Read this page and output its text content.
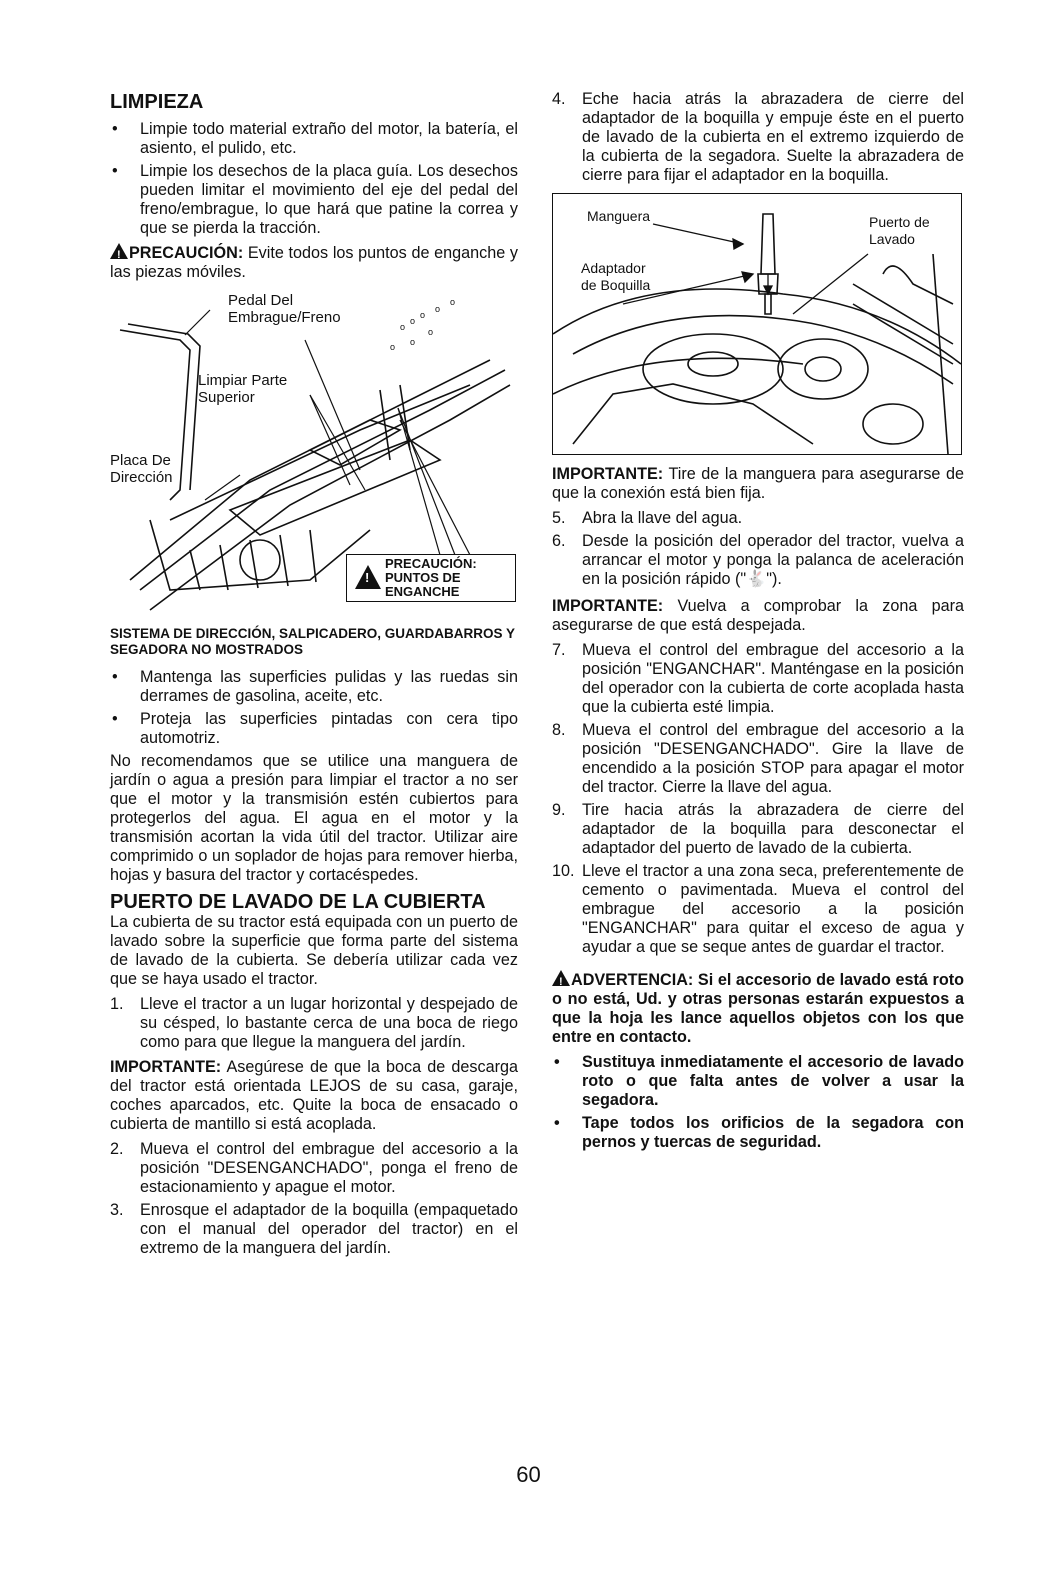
LIMPIEZA
• Limpie todo material extraño del motor, la batería, el asiento, el pulido, etc.
• Limpie los desechos de la placa guía. Los desechos pueden limitar el movimiento del eje del pedal del freno/embrague, lo que hará que patine la correa y que se pierda la tracción.

! PRECAUCIÓN: Evite todos los puntos de enganche y las piezas móviles.

o
o
o
o
o
o o
o
Pedal Del Embrague/Freno
Limpiar Parte Superior
Placa De Dirección
!
PRECAUCIÓN: PUNTOS DE ENGANCHE
SISTEMA DE DIRECCIÓN, SALPICADERO, GUARDABARROS Y SEGADORA NO MOSTRADOS
• Mantenga las superficies pulidas y las ruedas sin derrames de gasolina, aceite, etc.
• Proteja las superficies pintadas con cera tipo automotriz.

No recomendamos que se utilice una manguera de jardín o agua a presión para limpiar el tractor a no ser que el motor y la transmisión estén cubiertos para protegerlos del agua. El agua en el motor y la transmisión acortan la vida útil del tractor. Utilizar aire comprimido o un soplador de hojas para remover hierba, hojas y basura del tractor y cortacéspedes.

PUERTO DE LAVADO DE LA CUBIERTA

La cubierta de su tractor está equipada con un puerto de lavado sobre la superficie que forma parte del sistema de lavado de la cubierta. Se debería utilizar cada vez que se haya usado el tractor.

1. Lleve el tractor a un lugar horizontal y despejado de su césped, lo bastante cerca de una boca de riego como para que llegue la manguera del jardín.

IMPORTANTE: Asegúrese de que la boca de descarga del tractor está orientada LEJOS de su casa, garaje, coches aparcados, etc. Quite la boca de ensacado o cubierta de mantillo si está acoplada.

2. Mueva el control del embrague del accesorio a la posición "DESENGANCHADO", ponga el freno de estacionamiento y apague el motor.
3. Enrosque el adaptador de la boquilla (empaquetado con el manual del operador del tractor) en el extremo de la manguera del jardín.
4. Eche hacia atrás la abrazadera de cierre del adaptador de la boquilla y empuje éste en el puerto de lavado de la cubierta en el extremo izquierdo de la cubierta de la segadora. Suelte la abrazadera de cierre para fijar el adaptador en la boquilla.
Manguera	Puerto de Lavado
Adaptador de Boquilla

IMPORTANTE: Tire de la manguera para asegurarse de que la conexión está bien fija.

5. Abra la llave del agua.
6. Desde la posición del operador del tractor, vuelva a arrancar el motor y ponga la palanca de aceleración en la posición rápido ("🐇").

IMPORTANTE: Vuelva a comprobar la zona para asegurarse de que está despejada.

7. Mueva el control del embrague del accesorio a la posición "ENGANCHAR". Manténgase en la posición del operador con la cubierta de corte acoplada hasta que la cubierta esté limpia.
8. Mueva el control del embrague del accesorio a la posición "DESENGANCHADO". Gire la llave de encendido a la posición STOP para apagar el motor del tractor. Cierre la llave del agua.
9. Tire hacia atrás la abrazadera de cierre del adaptador de la boquilla para desconectar el adaptador del puerto de lavado de la cubierta.
10. Lleve el tractor a una zona seca, preferentemente de cemento o pavimentada. Mueva el control del embrague del accesorio a la posición "ENGANCHAR" para quitar el exceso de agua y ayudar a que se seque antes de guardar el tractor.

! ADVERTENCIA: Si el accesorio de lavado está roto o no está, Ud. y otras personas estarán expuestos a que la hoja les lance aquellos objetos con los que entre en contacto.

• Sustituya inmediatamente el accesorio de lavado roto o que falta antes de volver a usar la segadora.
• Tape todos los orificios de la segadora con pernos y tuercas de seguridad.
60
